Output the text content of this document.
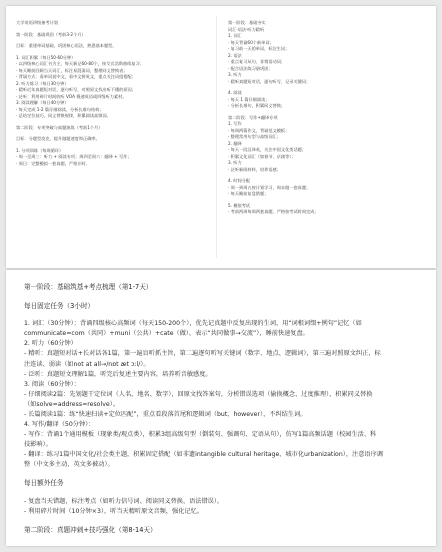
大学英语四级备考计划
第一阶段：基础巩固（考前3-2个月）
目标：重建单词基础，巩固核心语法，熟悉基本题型。
1. 词汇积累（每日50-60分钟）
· 以四级核心词汇书为主，每天新记60-80个，按艾宾浩斯曲线复习；
· 每天睡前回顾当天词汇，标注易混淆词，整理同义替换表；
· 背诵方式：看单词说中文，看中文拼英文，重点关注词组搭配；
2. 听力练习（每日30分钟）
· 精听近年真题短对话，逐句听写，对照原文找出听不懂的原因；
· 泛听：利用碎片时间收听 VOA 慢速英语或四级听力素材。
3. 阅读理解（每日40分钟）
· 每天完成 1-2 篇仔细阅读，分析长难句结构；
· 总结定位技巧、同义替换规律，积累阅读高频词。
第二阶段：专项突破与真题演练（考前1个月）
目标：分题型攻克，提升做题速度和正确率。
1. 分项训练（每周循环）
· 周一至周三：听力 + 阅读专项；周四至周六：翻译 + 写作；
· 周日：完整模拟一套真题，严格计时。
第一阶段：基础夯实
词汇·语法·听力精听
1. 词汇
· 每天背诵60个新单词；
· 复习前一天的单词，标注生词；
2. 语法
· 重点复习从句、非谓语动词；
· 配合语法练习册巩固；
3. 听力
· 精听真题短对话，逐句听写，记录关键词；
4. 阅读
· 每天 1 篇仔细阅读；
· 分析长难句，积累同义替换；
第二阶段：写作+翻译专项
1. 写作
· 每周两篇作文，背诵范文模板；
· 整理常用句型与高级词汇；
2. 翻译
· 每天一段汉译英，关注中国文化类话题；
· 积累文化词汇（如春节、京剧等）；
3. 听力
· 泛听新闻材料，培养语感；
4. 时间分配
· 周一到周五按计划学习，周末做一套真题；
· 每天睡前复盘错题；
5. 模拟考试
· 考前两周每周两套真题，严格按考试时间完成；
第一阶段：基础筑基+考点梳理（第1-7天）
每日固定任务（3小时）
1. 词汇（30分钟）：背诵四级核心高频词（每天150-200个），优先记真题中反复出现的生词，用“词根词缀+例句”记忆（如
communicate=com（共同）+muni（公共）+cate（做），表示“共同做事→交流”），睡前快速复盘。
2. 听力（60分钟）
- 精听：真题短对话+长对话各1篇，第一遍盲听抓主旨，第二遍逐句听写关键词（数字、地点、逻辑词），第三遍对照原文纠正，标
注连读、弱读（如not at all→/nɒt æt ɔːl/）。
- 泛听：真题短文理解1篇，听完后复述主要内容，培养听音敏感度。
3. 阅读（60分钟）：
- 仔细阅读2篇：先划题干定位词（人名、地名、数字），回原文找答案句，分析错误选项（偷换概念、过度推理），积累同义替换
（如solve=address=resolve）。
- 长篇阅读1篇：练“快速扫读+定位匹配”，重点看段落首尾和逻辑词（but、however），不纠结生词。
4. 写作/翻译（50分钟）：
- 写作：背诵1个通用模板（现象类/观点类），积累3组高级句型（倒装句、强调句、定语从句），仿写1篇高频话题（校园生活、科
技影响）。
- 翻译：练习1篇中国文化/社会类主题，积累固定搭配（如非遗intangible cultural heritage、城市化urbanization），注意语序调
整（中文多主动，英文多被动）。
每日额外任务
- 复盘当天错题，标注考点（如听力信号词、阅读同义替换、语法错误）。
- 利用碎片时间（10分钟×3），听当天精听原文音频，强化记忆。
第二阶段：真题冲刺+技巧强化（第8-14天）
